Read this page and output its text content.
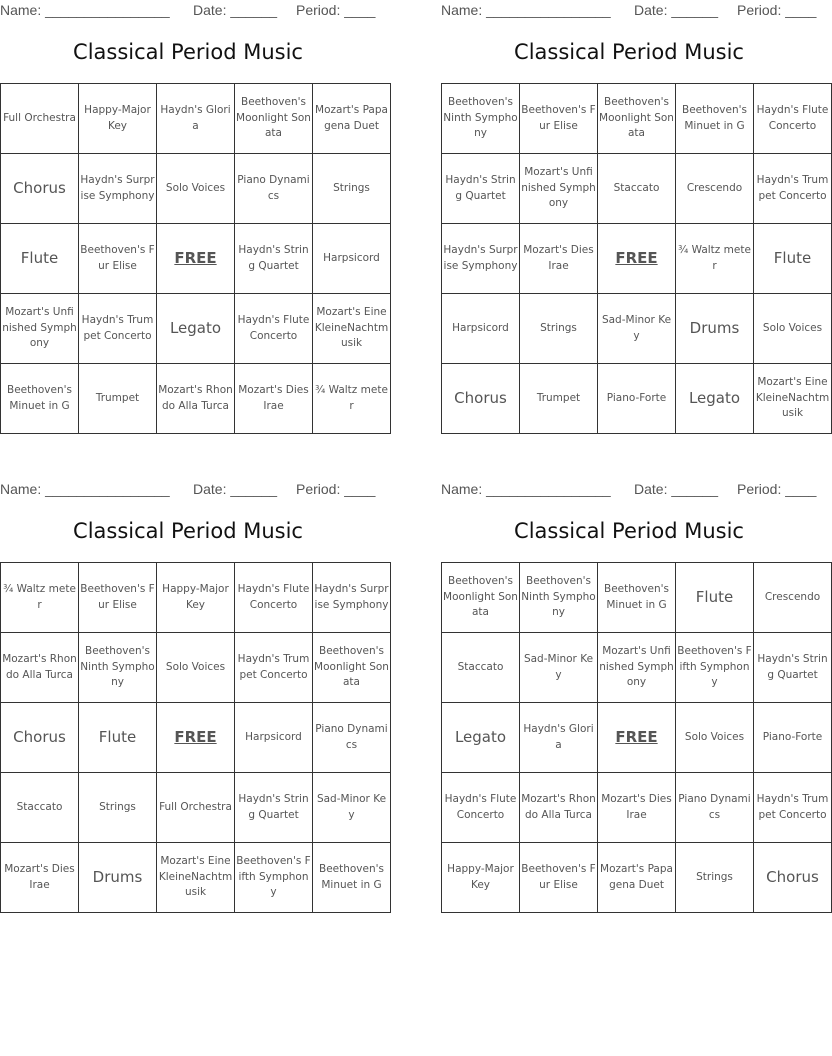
Name: ________________ Date: ______ Period: ____
Classical Period Music
Full Orchestra	Happy-Major Key	Haydn's Gloria	Beethoven's Moonlight Sonata	Mozart's Papagena Duet
Chorus	Haydn's Surprise Symphony	Solo Voices	Piano Dynamics	Strings
Flute	Beethoven's Fur Elise	FREE	Haydn's String Quartet	Harpsicord
Mozart's Unfinished Symphony	Haydn's Trumpet Concerto	Legato	Haydn's Flute Concerto	Mozart's EineKleineNachtmusik
Beethoven's Minuet in G	Trumpet	Mozart's Rhondo Alla Turca	Mozart's Dies Irae	¾ Waltz meter
Name: ________________ Date: ______ Period: ____
Classical Period Music
Beethoven's Ninth Symphony	Beethoven's Fur Elise	Beethoven's Moonlight Sonata	Beethoven's Minuet in G	Haydn's Flute Concerto
Haydn's String Quartet	Mozart's Unfinished Symphony	Staccato	Crescendo	Haydn's Trumpet Concerto
Haydn's Surprise Symphony	Mozart's Dies Irae	FREE	¾ Waltz meter	Flute
Harpsicord	Strings	Sad-Minor Key	Drums	Solo Voices
Chorus	Trumpet	Piano-Forte	Legato	Mozart's EineKleineNachtmusik
Name: ________________ Date: ______ Period: ____
Classical Period Music
¾ Waltz meter	Beethoven's Fur Elise	Happy-Major Key	Haydn's Flute Concerto	Haydn's Surprise Symphony
Mozart's Rhondo Alla Turca	Beethoven's Ninth Symphony	Solo Voices	Haydn's Trumpet Concerto	Beethoven's Moonlight Sonata
Chorus	Flute	FREE	Harpsicord	Piano Dynamics
Staccato	Strings	Full Orchestra	Haydn's String Quartet	Sad-Minor Key
Mozart's Dies Irae	Drums	Mozart's EineKleineNachtmusik	Beethoven's Fifth Symphony	Beethoven's Minuet in G
Name: ________________ Date: ______ Period: ____
Classical Period Music
Beethoven's Moonlight Sonata	Beethoven's Ninth Symphony	Beethoven's Minuet in G	Flute	Crescendo
Staccato	Sad-Minor Key	Mozart's Unfinished Symphony	Beethoven's Fifth Symphony	Haydn's String Quartet
Legato	Haydn's Gloria	FREE	Solo Voices	Piano-Forte
Haydn's Flute Concerto	Mozart's Rhondo Alla Turca	Mozart's Dies Irae	Piano Dynamics	Haydn's Trumpet Concerto
Happy-Major Key	Beethoven's Fur Elise	Mozart's Papagena Duet	Strings	Chorus
